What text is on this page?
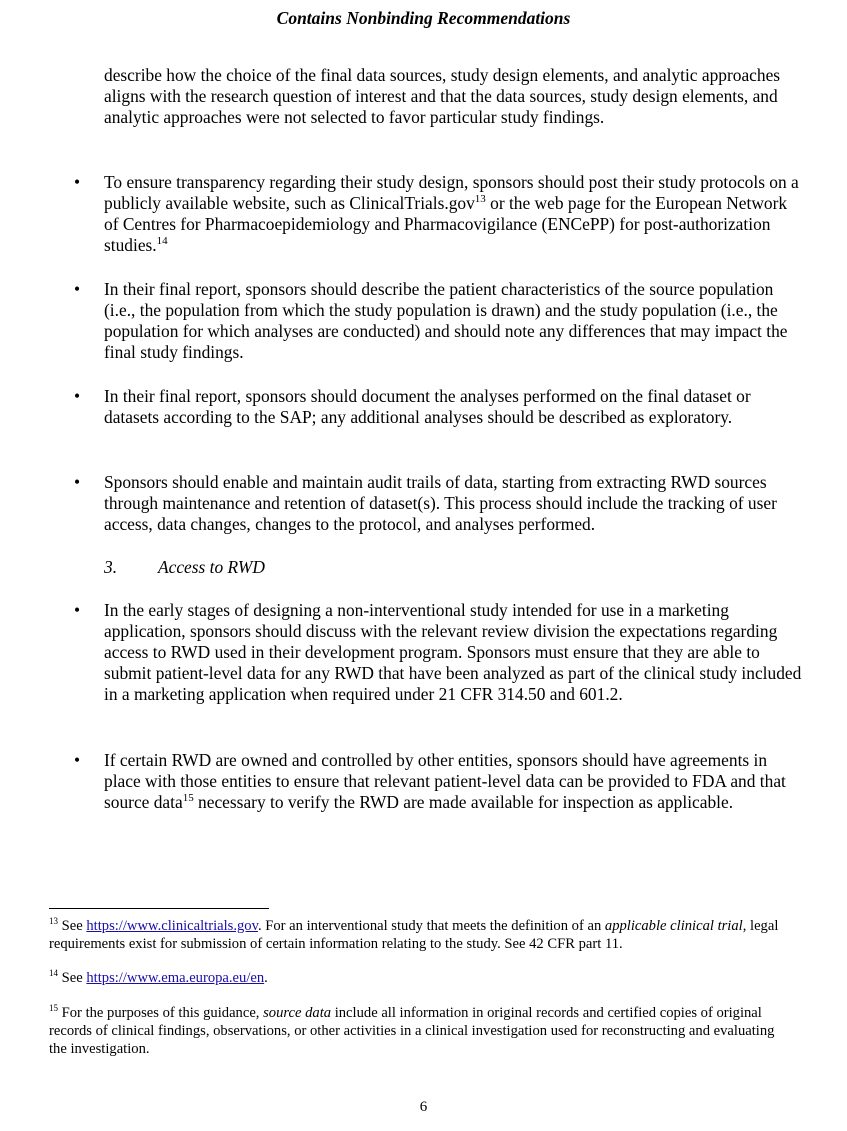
Contains Nonbinding Recommendations
describe how the choice of the final data sources, study design elements, and analytic approaches aligns with the research question of interest and that the data sources, study design elements, and analytic approaches were not selected to favor particular study findings.
•	To ensure transparency regarding their study design, sponsors should post their study protocols on a publicly available website, such as ClinicalTrials.gov$^{13}$ or the web page for the European Network of Centres for Pharmacoepidemiology and Pharmacovigilance (ENCePP) for post-authorization studies.$^{14}$
•	In their final report, sponsors should describe the patient characteristics of the source population (i.e., the population from which the study population is drawn) and the study population (i.e., the population for which analyses are conducted) and should note any differences that may impact the final study findings.
•	In their final report, sponsors should document the analyses performed on the final dataset or datasets according to the SAP; any additional analyses should be described as exploratory.
•	Sponsors should enable and maintain audit trails of data, starting from extracting RWD sources through maintenance and retention of dataset(s). This process should include the tracking of user access, data changes, changes to the protocol, and analyses performed.
3. Access to RWD
•	In the early stages of designing a non-interventional study intended for use in a marketing application, sponsors should discuss with the relevant review division the expectations regarding access to RWD used in their development program. Sponsors must ensure that they are able to submit patient-level data for any RWD that have been analyzed as part of the clinical study included in a marketing application when required under 21 CFR 314.50 and 601.2.
•	If certain RWD are owned and controlled by other entities, sponsors should have agreements in place with those entities to ensure that relevant patient-level data can be provided to FDA and that source data$^{15}$ necessary to verify the RWD are made available for inspection as applicable.
$^{13}$ See https://www.clinicaltrials.gov. For an interventional study that meets the definition of an applicable clinical trial, legal requirements exist for submission of certain information relating to the study. See 42 CFR part 11.
$^{14}$ See https://www.ema.europa.eu/en.
$^{15}$ For the purposes of this guidance, source data include all information in original records and certified copies of original records of clinical findings, observations, or other activities in a clinical investigation used for reconstructing and evaluating the investigation.
6
